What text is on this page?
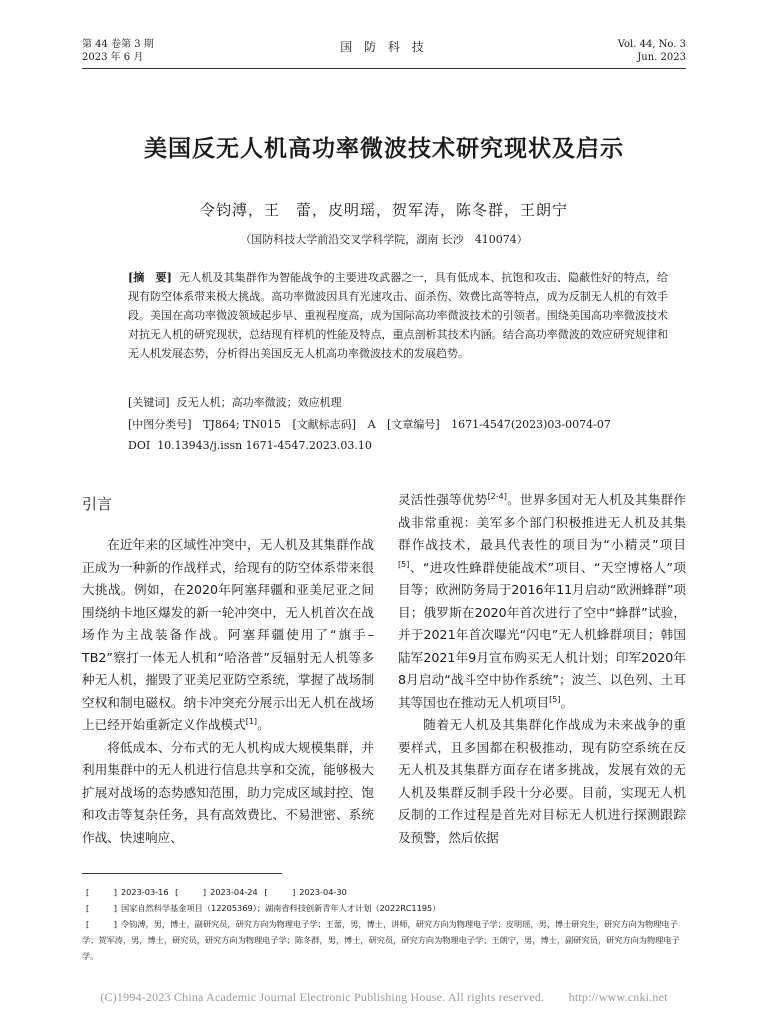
第 44 卷第 3 期
2023 年 6 月
国 防 科 技	Vol. 44, No. 3
Jun. 2023
美国反无人机高功率微波技术研究现状及启示
令钧溥，王　蕾，皮明瑶，贺军涛，陈冬群，王朗宁
（国防科技大学前沿交叉学科学院，湖南 长沙　410074）
[摘　要] 无人机及其集群作为智能战争的主要进攻武器之一，具有低成本、抗饱和攻击、隐蔽性好的特点，给现有防空体系带来极大挑战。高功率微波因具有光速攻击、面杀伤、效费比高等特点，成为反制无人机的有效手段。美国在高功率微波领域起步早、重视程度高，成为国际高功率微波技术的引领者。围绕美国高功率微波技术对抗无人机的研究现状，总结现有样机的性能及特点，重点剖析其技术内涵。结合高功率微波的效应研究规律和无人机发展态势，分析得出美国反无人机高功率微波技术的发展趋势。
[关键词] 反无人机；高功率微波；效应机理
[中图分类号] TJ864; TN015 [文献标志码] A [文章编号] 1671-4547(2023)03-0074-07
DOI 10.13943/j.issn 1671-4547.2023.03.10
引言

在近年来的区域性冲突中，无人机及其集群作战正成为一种新的作战样式，给现有的防空体系带来很大挑战。例如，在2020年阿塞拜疆和亚美尼亚之间围绕纳卡地区爆发的新一轮冲突中，无人机首次在战场作为主战装备作战。阿塞拜疆使用了“旗手–TB2”察打一体无人机和“哈洛普”反辐射无人机等多种无人机，摧毁了亚美尼亚防空系统，掌握了战场制空权和制电磁权。纳卡冲突充分展示出无人机在战场上已经开始重新定义作战模式[1]。

将低成本、分布式的无人机构成大规模集群，并利用集群中的无人机进行信息共享和交流，能够极大扩展对战场的态势感知范围，助力完成区域封控、饱和攻击等复杂任务，具有高效费比、不易泄密、系统作战、快速响应、

灵活性强等优势[2-4]。世界多国对无人机及其集群作战非常重视：美军多个部门积极推进无人机及其集群作战技术，最具代表性的项目为“小精灵”项目[5]、“进攻性蜂群使能战术”项目、“天空博格人”项目等；欧洲防务局于2016年11月启动“欧洲蜂群”项目；俄罗斯在2020年首次进行了空中“蜂群”试验，并于2021年首次曝光“闪电”无人机蜂群项目；韩国陆军2021年9月宣布购买无人机计划；印军2020年8月启动“战斗空中协作系统”；波兰、以色列、土耳其等国也在推动无人机项目[5]。

随着无人机及其集群化作战成为未来战争的重要样式，且多国都在积极推动，现有防空系统在反无人机及其集群方面存在诸多挑战，发展有效的无人机及集群反制手段十分必要。目前，实现无人机反制的工作过程是首先对目标无人机进行探测跟踪及预警，然后依据

[　　　] 2023-03-16 [　　　] 2023-04-24 [　　　] 2023-04-30
[　　　] 国家自然科学基金项目（12205369）；湖南省科技创新青年人才计划（2022RC1195）
[　　　] 令钧溥，男，博士，副研究员，研究方向为物理电子学；王蕾，男，博士，讲师，研究方向为物理电子学；皮明瑶，男，博士研究生，研究方向为物理电子学；贺军涛，男，博士，研究员，研究方向为物理电子学；陈冬群，男，博士，研究员，研究方向为物理电子学；王朗宁，男，博士，副研究员，研究方向为物理电子学。
(C)1994-2023 China Academic Journal Electronic Publishing House. All rights reserved.　　http://www.cnki.net
